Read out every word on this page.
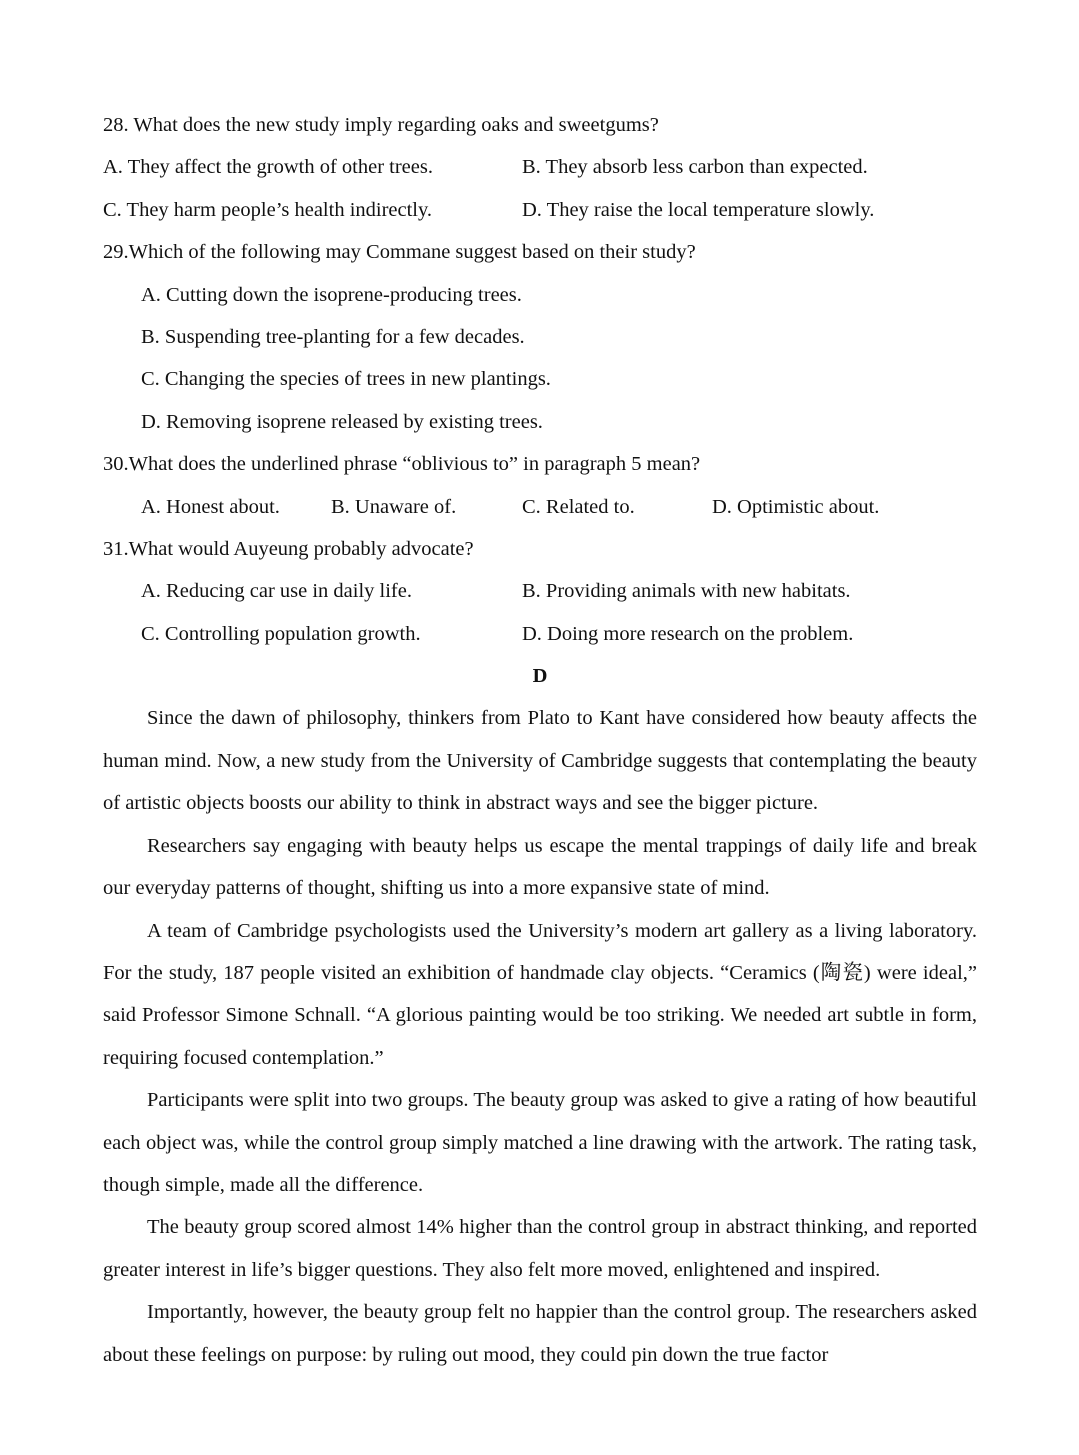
28. What does the new study imply regarding oaks and sweetgums?
A. They affect the growth of other trees.	B. They absorb less carbon than expected.
C. They harm people’s health indirectly.	D. They raise the local temperature slowly.
29.Which of the following may Commane suggest based on their study?
A. Cutting down the isoprene-producing trees.
B. Suspending tree-planting for a few decades.
C. Changing the species of trees in new plantings.
D. Removing isoprene released by existing trees.
30.What does the underlined phrase “oblivious to” in paragraph 5 mean?
A. Honest about. B. Unaware of.	C. Related to.	D. Optimistic about.
31.What would Auyeung probably advocate?
A. Reducing car use in daily life.	B. Providing animals with new habitats.
C. Controlling population growth.	D. Doing more research on the problem.
D

Since the dawn of philosophy, thinkers from Plato to Kant have considered how beauty affects the human mind. Now, a new study from the University of Cambridge suggests that contemplating the beauty of artistic objects boosts our ability to think in abstract ways and see the bigger picture.

Researchers say engaging with beauty helps us escape the mental trappings of daily life and break our everyday patterns of thought, shifting us into a more expansive state of mind.

A team of Cambridge psychologists used the University’s modern art gallery as a living laboratory. For the study, 187 people visited an exhibition of handmade clay objects. “Ceramics (陶瓷) were ideal,” said Professor Simone Schnall. “A glorious painting would be too striking. We needed art subtle in form, requiring focused contemplation.”

Participants were split into two groups. The beauty group was asked to give a rating of how beautiful each object was, while the control group simply matched a line drawing with the artwork. The rating task, though simple, made all the difference.

The beauty group scored almost 14% higher than the control group in abstract thinking, and reported greater interest in life’s bigger questions. They also felt more moved, enlightened and inspired.

Importantly, however, the beauty group felt no happier than the control group. The researchers asked about these feelings on purpose: by ruling out mood, they could pin down the true factor
